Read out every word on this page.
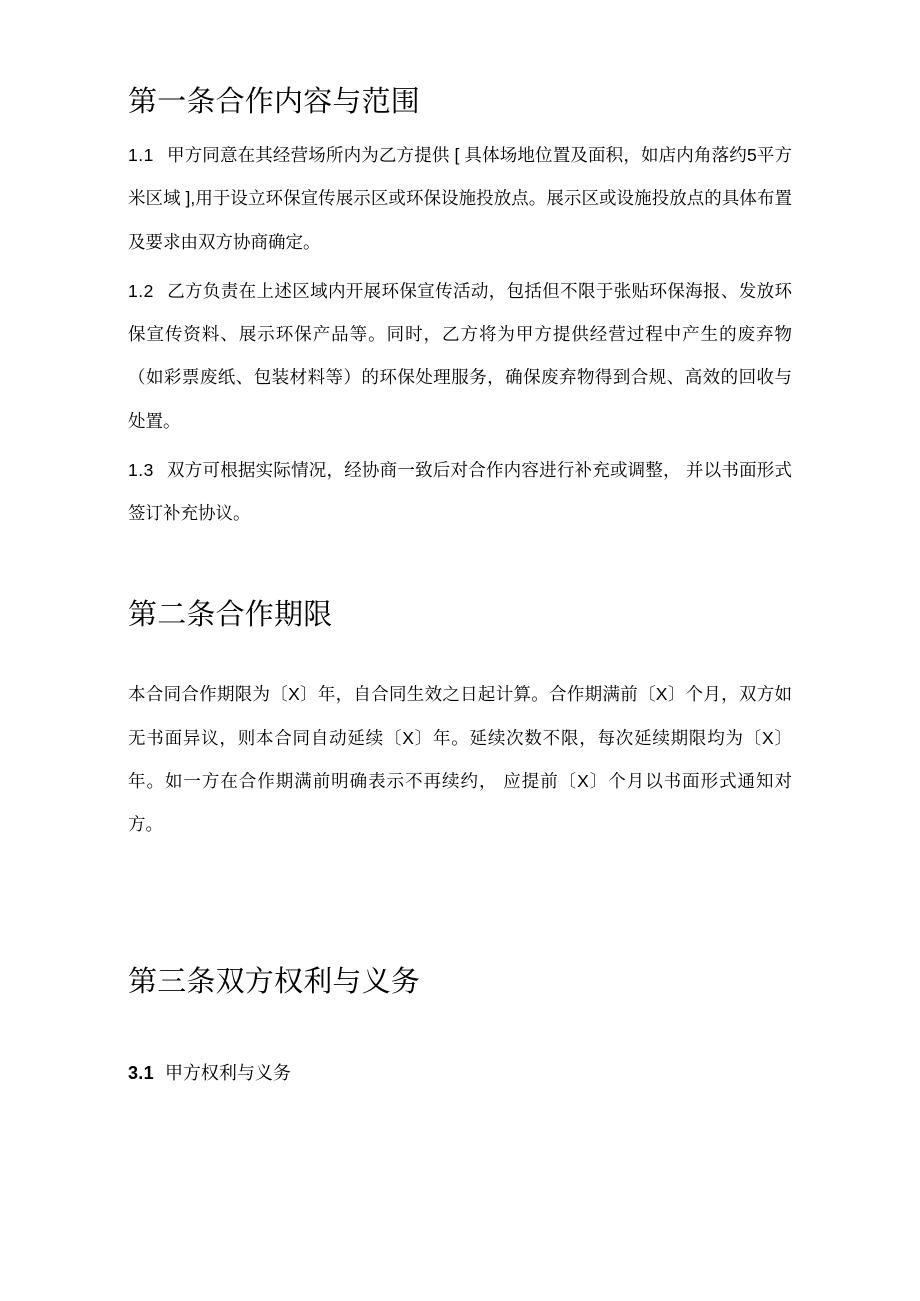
第一条合作内容与范围

1.1 甲方同意在其经营场所内为乙方提供 [ 具体场地位置及面积，如店内角落约5平方米区域 ],用于设立环保宣传展示区或环保设施投放点。展示区或设施投放点的具体布置及要求由双方协商确定。

1.2 乙方负责在上述区域内开展环保宣传活动，包括但不限于张贴环保海报、发放环保宣传资料、展示环保产品等。同时，乙方将为甲方提供经营过程中产生的废弃物（如彩票废纸、包装材料等）的环保处理服务，确保废弃物得到合规、高效的回收与处置。

1.3 双方可根据实际情况，经协商一致后对合作内容进行补充或调整， 并以书面形式签订补充协议。

第二条合作期限

本合同合作期限为〔X〕年，自合同生效之日起计算。合作期满前〔X〕个月，双方如无书面异议，则本合同自动延续〔X〕年。延续次数不限，每次延续期限均为〔X〕年。如一方在合作期满前明确表示不再续约， 应提前〔X〕个月以书面形式通知对方。

第三条双方权利与义务
3.1 甲方权利与义务
